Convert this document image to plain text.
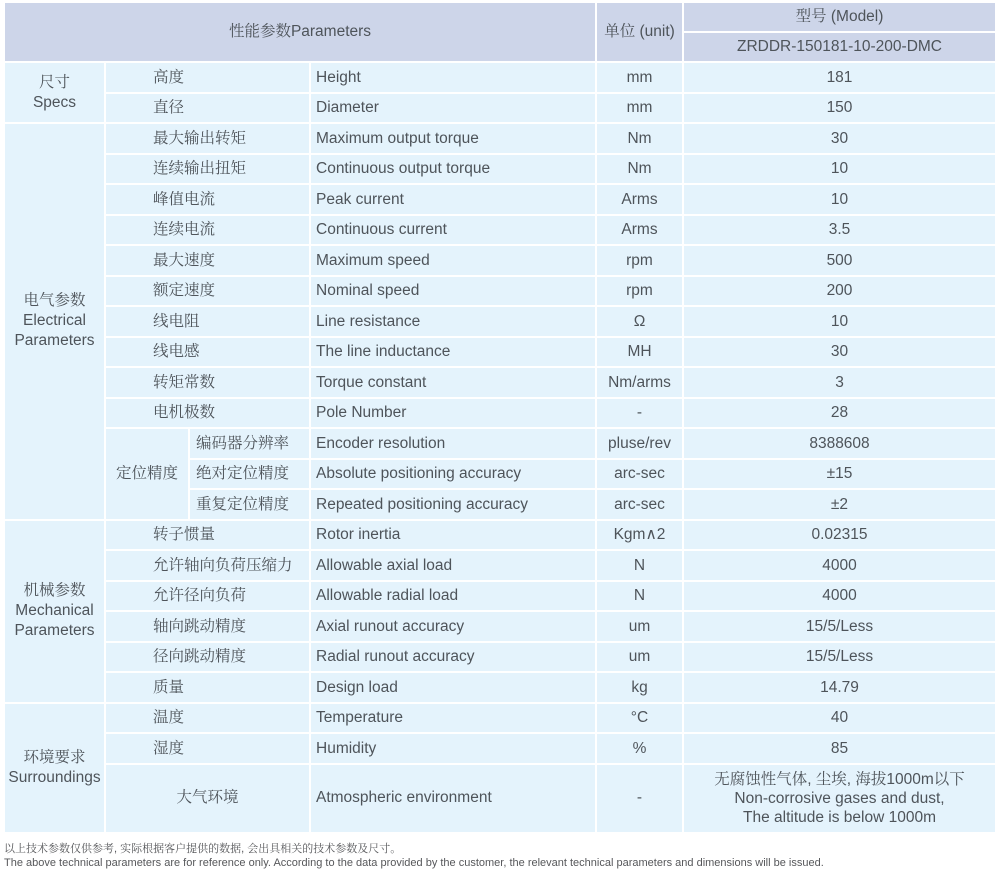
性能参数Parameters				单位 (unit)	型号 (Model)
					ZRDDR-150181-10-200-DMC

尺寸
Specs	高度		Height	mm	181
	直径		Diameter	mm	150

电气参数
Electrical Parameters	最大输出转矩		Maximum output torque	Nm	30
	连续输出扭矩		Continuous output torque	Nm	10
	峰值电流		Peak current	Arms	10
	连续电流		Continuous current	Arms	3.5
	最大速度		Maximum speed	rpm	500
	额定速度		Nominal speed	rpm	200
	线电阻		Line resistance	Ω	10
	线电感		The line inductance	MH	30
	转矩常数		Torque constant	Nm/arms	3
	电机极数		Pole Number	-	28
	定位精度	编码器分辨率	Encoder resolution	pluse/rev	8388608
		绝对定位精度	Absolute positioning accuracy	arc-sec	±15
		重复定位精度	Repeated positioning accuracy	arc-sec	±2

机械参数
Mechanical Parameters	转子惯量		Rotor inertia	Kgm∧2	0.02315
	允许轴向负荷压缩力		Allowable axial load	N	4000
	允许径向负荷		Allowable radial load	N	4000
	轴向跳动精度		Axial runout accuracy	um	15/5/Less
	径向跳动精度		Radial runout accuracy	um	15/5/Less
	质量		Design load	kg	14.79

环境要求
Surroundings	温度		Temperature	°C	40
	湿度		Humidity	%	85
	大气环境		Atmospheric environment	-	无腐蚀性气体, 尘埃, 海拔1000m以下
Non-corrosive gases and dust,
The altitude is below 1000m
以上技术参数仅供参考, 实际根据客户提供的数据, 会出具相关的技术参数及尺寸。
The above technical parameters are for reference only. According to the data provided by the customer, the relevant technical parameters and dimensions will be issued.
